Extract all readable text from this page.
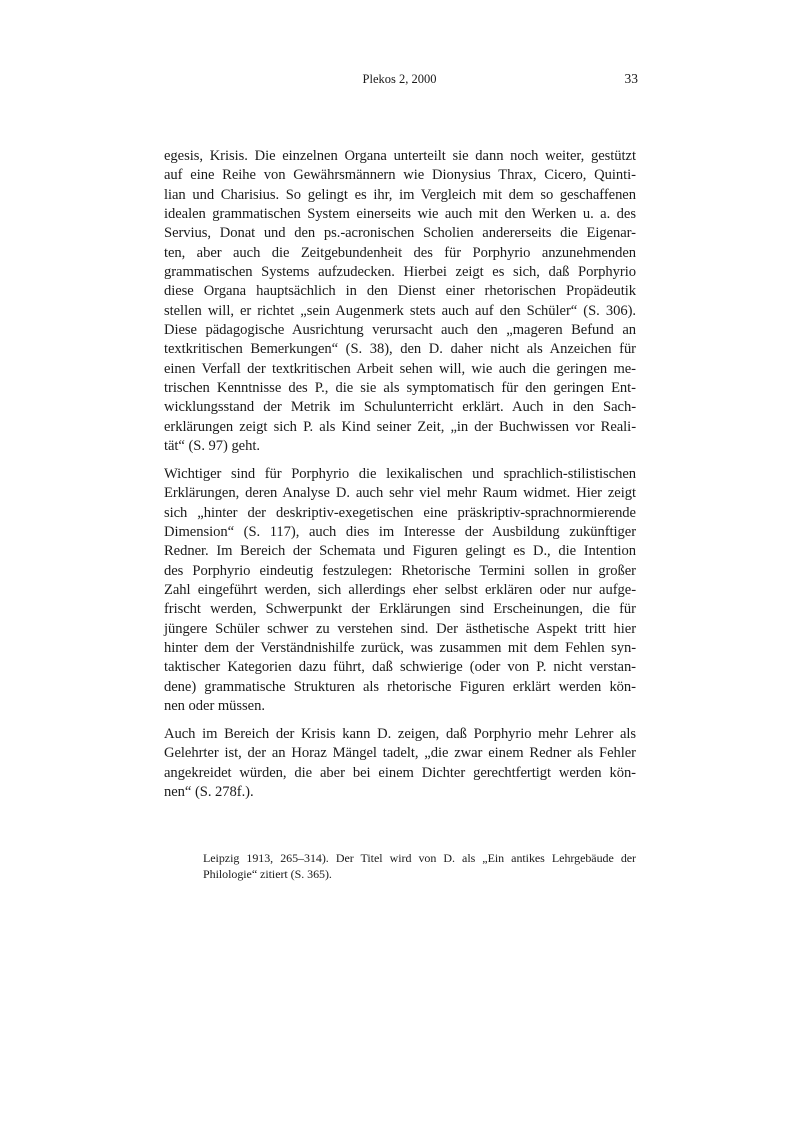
Plekos 2, 2000	33
egesis, Krisis. Die einzelnen Organa unterteilt sie dann noch weiter, gestützt
auf eine Reihe von Gewährsmännern wie Dionysius Thrax, Cicero, Quinti-
lian und Charisius. So gelingt es ihr, im Vergleich mit dem so geschaffenen
idealen grammatischen System einerseits wie auch mit den Werken u. a. des
Servius, Donat und den ps.-acronischen Scholien andererseits die Eigenar-
ten, aber auch die Zeitgebundenheit des für Porphyrio anzunehmenden
grammatischen Systems aufzudecken. Hierbei zeigt es sich, daß Porphyrio
diese Organa hauptsächlich in den Dienst einer rhetorischen Propädeutik
stellen will, er richtet „sein Augenmerk stets auch auf den Schüler“ (S. 306).
Diese pädagogische Ausrichtung verursacht auch den „mageren Befund an
textkritischen Bemerkungen“ (S. 38), den D. daher nicht als Anzeichen für
einen Verfall der textkritischen Arbeit sehen will, wie auch die geringen me-
trischen Kenntnisse des P., die sie als symptomatisch für den geringen Ent-
wicklungsstand der Metrik im Schulunterricht erklärt. Auch in den Sach-
erklärungen zeigt sich P. als Kind seiner Zeit, „in der Buchwissen vor Reali-
tät“ (S. 97) geht.
Wichtiger sind für Porphyrio die lexikalischen und sprachlich-stilistischen
Erklärungen, deren Analyse D. auch sehr viel mehr Raum widmet. Hier zeigt
sich „hinter der deskriptiv-exegetischen eine präskriptiv-sprachnormierende
Dimension“ (S. 117), auch dies im Interesse der Ausbildung zukünftiger
Redner. Im Bereich der Schemata und Figuren gelingt es D., die Intention
des Porphyrio eindeutig festzulegen: Rhetorische Termini sollen in großer
Zahl eingeführt werden, sich allerdings eher selbst erklären oder nur aufge-
frischt werden, Schwerpunkt der Erklärungen sind Erscheinungen, die für
jüngere Schüler schwer zu verstehen sind. Der ästhetische Aspekt tritt hier
hinter dem der Verständnishilfe zurück, was zusammen mit dem Fehlen syn-
taktischer Kategorien dazu führt, daß schwierige (oder von P. nicht verstan-
dene) grammatische Strukturen als rhetorische Figuren erklärt werden kön-
nen oder müssen.
Auch im Bereich der Krisis kann D. zeigen, daß Porphyrio mehr Lehrer als
Gelehrter ist, der an Horaz Mängel tadelt, „die zwar einem Redner als Fehler
angekreidet würden, die aber bei einem Dichter gerechtfertigt werden kön-
nen“ (S. 278f.).
Leipzig 1913, 265–314). Der Titel wird von D. als „Ein antikes Lehrgebäude der
Philologie“ zitiert (S. 365).
